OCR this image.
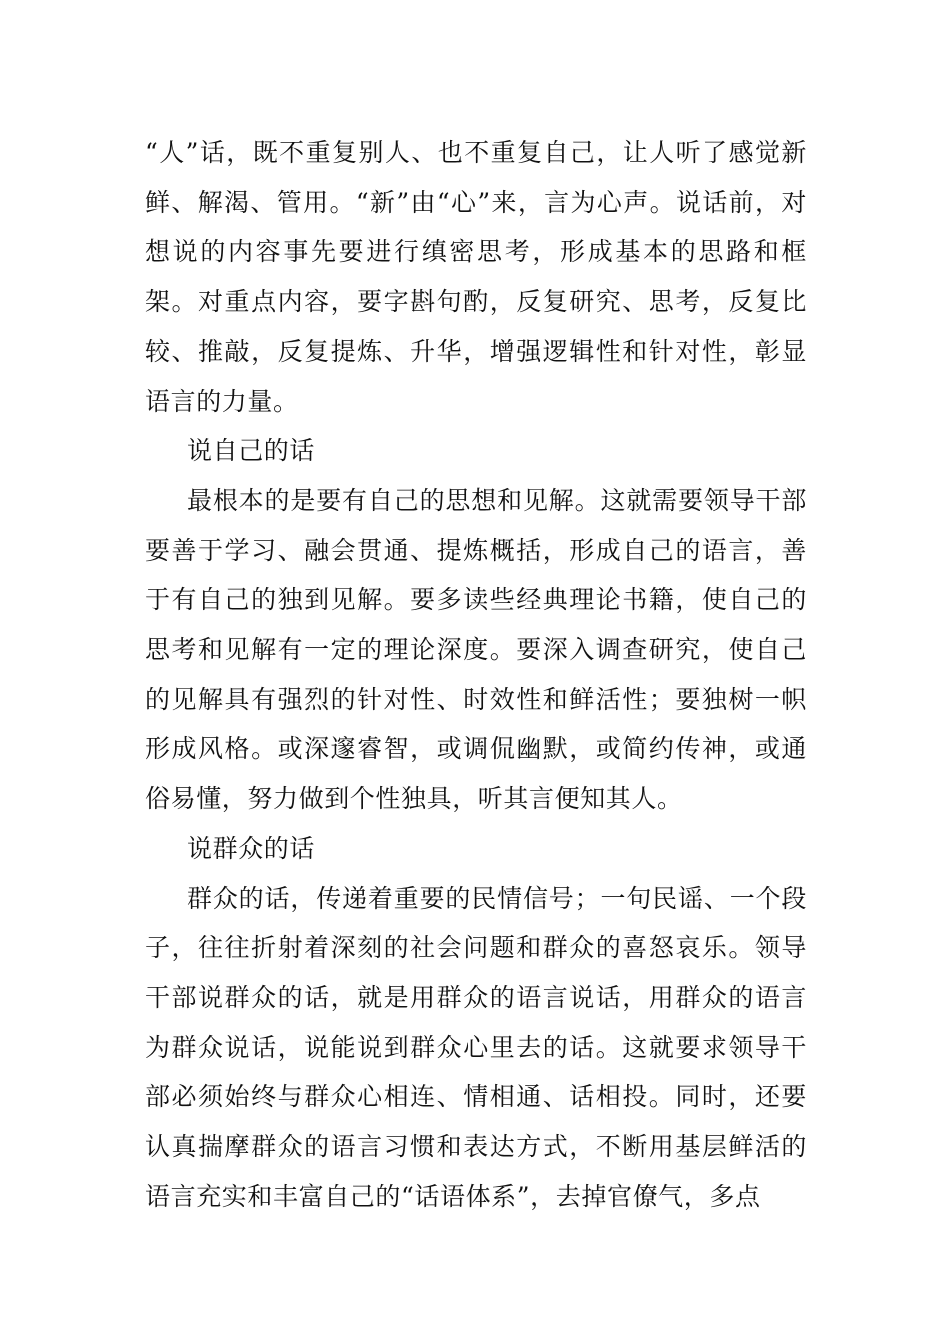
“人”话，既不重复别人、也不重复自己，让人听了感觉新鲜、解渴、管用。“新”由“心”来，言为心声。说话前，对想说的内容事先要进行缜密思考，形成基本的思路和框架。对重点内容，要字斟句酌，反复研究、思考，反复比较、推敲，反复提炼、升华，增强逻辑性和针对性，彰显语言的力量。

说自己的话

最根本的是要有自己的思想和见解。这就需要领导干部要善于学习、融会贯通、提炼概括，形成自己的语言，善于有自己的独到见解。要多读些经典理论书籍，使自己的思考和见解有一定的理论深度。要深入调查研究，使自己的见解具有强烈的针对性、时效性和鲜活性；要独树一帜形成风格。或深邃睿智，或调侃幽默，或简约传神，或通俗易懂，努力做到个性独具，听其言便知其人。

说群众的话

群众的话，传递着重要的民情信号；一句民谣、一个段子，往往折射着深刻的社会问题和群众的喜怒哀乐。领导干部说群众的话，就是用群众的语言说话，用群众的语言为群众说话，说能说到群众心里去的话。这就要求领导干部必须始终与群众心相连、情相通、话相投。同时，还要认真揣摩群众的语言习惯和表达方式，不断用基层鲜活的语言充实和丰富自己的“话语体系”，去掉官僚气，多点
